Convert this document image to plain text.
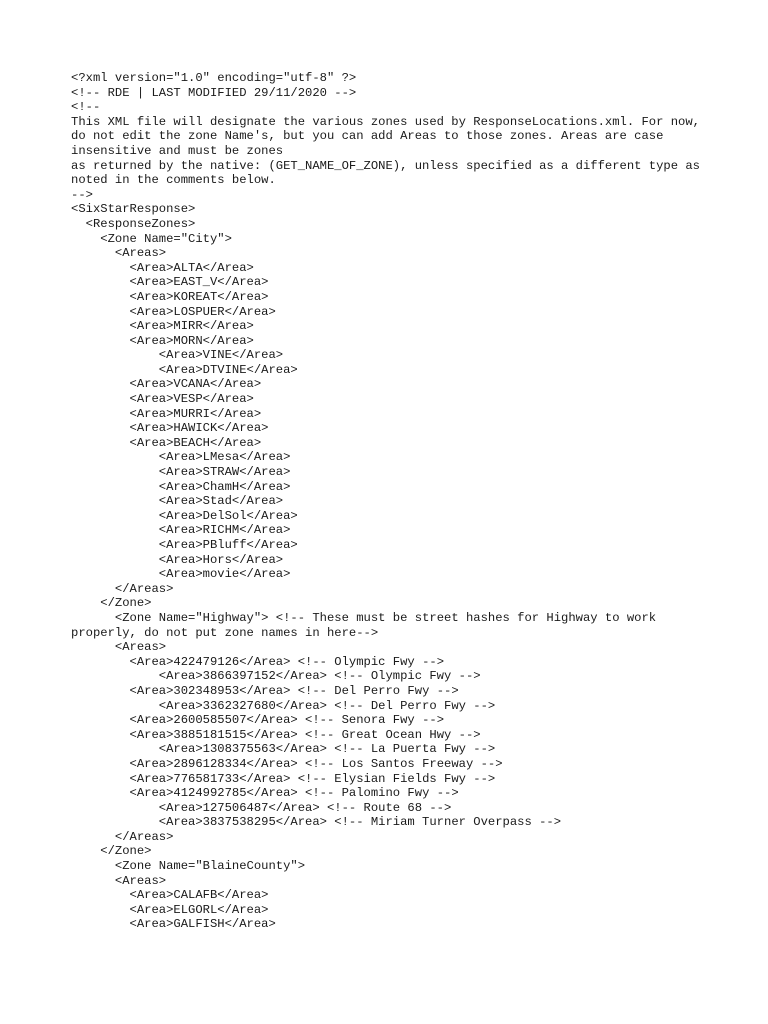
<?xml version="1.0" encoding="utf-8" ?>
<!-- RDE | LAST MODIFIED 29/11/2020 -->
<!--
This XML file will designate the various zones used by ResponseLocations.xml. For now, do not edit the zone Name's, but you can add Areas to those zones. Areas are case insensitive and must be zones
as returned by the native: (GET_NAME_OF_ZONE), unless specified as a different type as noted in the comments below.
-->
<SixStarResponse>
<ResponseZones>
<Zone Name="City">
<Areas>
<Area>ALTA</Area>
<Area>EAST_V</Area>
<Area>KOREAT</Area>
<Area>LOSPUER</Area>
<Area>MIRR</Area>
<Area>MORN</Area>
<Area>VINE</Area>
<Area>DTVINE</Area>
<Area>VCANA</Area>
<Area>VESP</Area>
<Area>MURRI</Area>
<Area>HAWICK</Area>
<Area>BEACH</Area>
<Area>LMesa</Area>
<Area>STRAW</Area>
<Area>ChamH</Area>
<Area>Stad</Area>
<Area>DelSol</Area>
<Area>RICHM</Area>
<Area>PBluff</Area>
<Area>Hors</Area>
<Area>movie</Area>
</Areas>
</Zone>
<Zone Name="Highway"> <!-- These must be street hashes for Highway to work properly, do not put zone names in here-->
<Areas>
<Area>422479126</Area> <!-- Olympic Fwy -->
<Area>3866397152</Area> <!-- Olympic Fwy -->
<Area>302348953</Area> <!-- Del Perro Fwy -->
<Area>3362327680</Area> <!-- Del Perro Fwy -->
<Area>2600585507</Area> <!-- Senora Fwy -->
<Area>3885181515</Area> <!-- Great Ocean Hwy -->
<Area>1308375563</Area> <!-- La Puerta Fwy -->
<Area>2896128334</Area> <!-- Los Santos Freeway -->
<Area>776581733</Area> <!-- Elysian Fields Fwy -->
<Area>4124992785</Area> <!-- Palomino Fwy -->
<Area>127506487</Area> <!-- Route 68 -->
<Area>3837538295</Area> <!-- Miriam Turner Overpass -->
</Areas>
</Zone>
<Zone Name="BlaineCounty">
<Areas>
<Area>CALAFB</Area>
<Area>ELGORL</Area>
<Area>GALFISH</Area>
